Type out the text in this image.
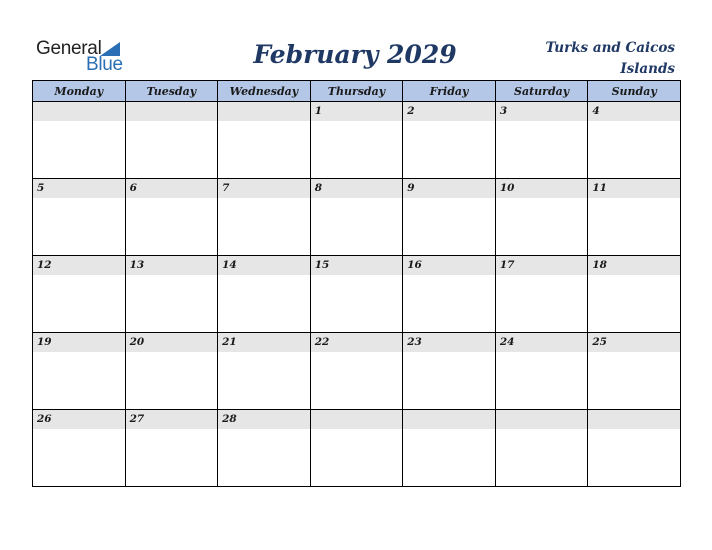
General
Blue	February 2029	Turks and Caicos Islands
Monday	Tuesday	Wednesday	Thursday	Friday	Saturday	Sunday

			1	2	3	4

5	6	7	8	9	10	11

12	13	14	15	16	17	18

19	20	21	22	23	24	25

26	27	28				
